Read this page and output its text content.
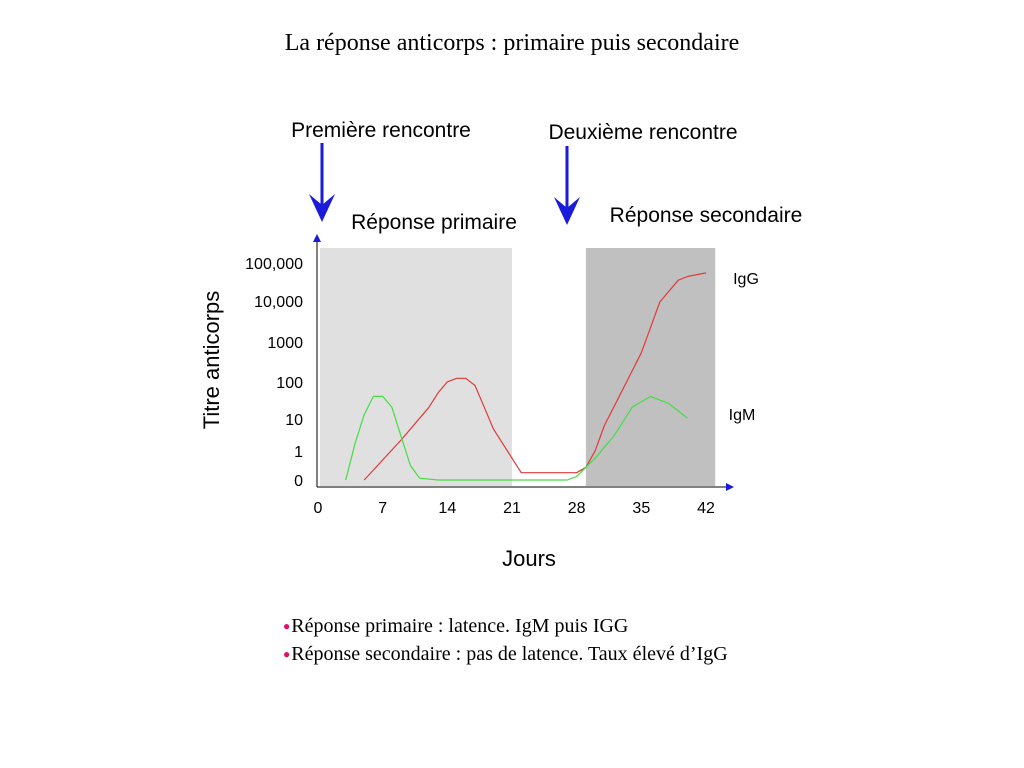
La réponse anticorps : primaire puis secondaire
0
1
10
100
1000
10,000
100,000
0	7	14	21	28	35	42
IgG
IgM
Première rencontre	Deuxième rencontre
Réponse primaire	Réponse secondaire
Titre anticorps
Jours
●Réponse primaire : latence. IgM puis IGG
●Réponse secondaire : pas de latence. Taux élevé d’IgG
